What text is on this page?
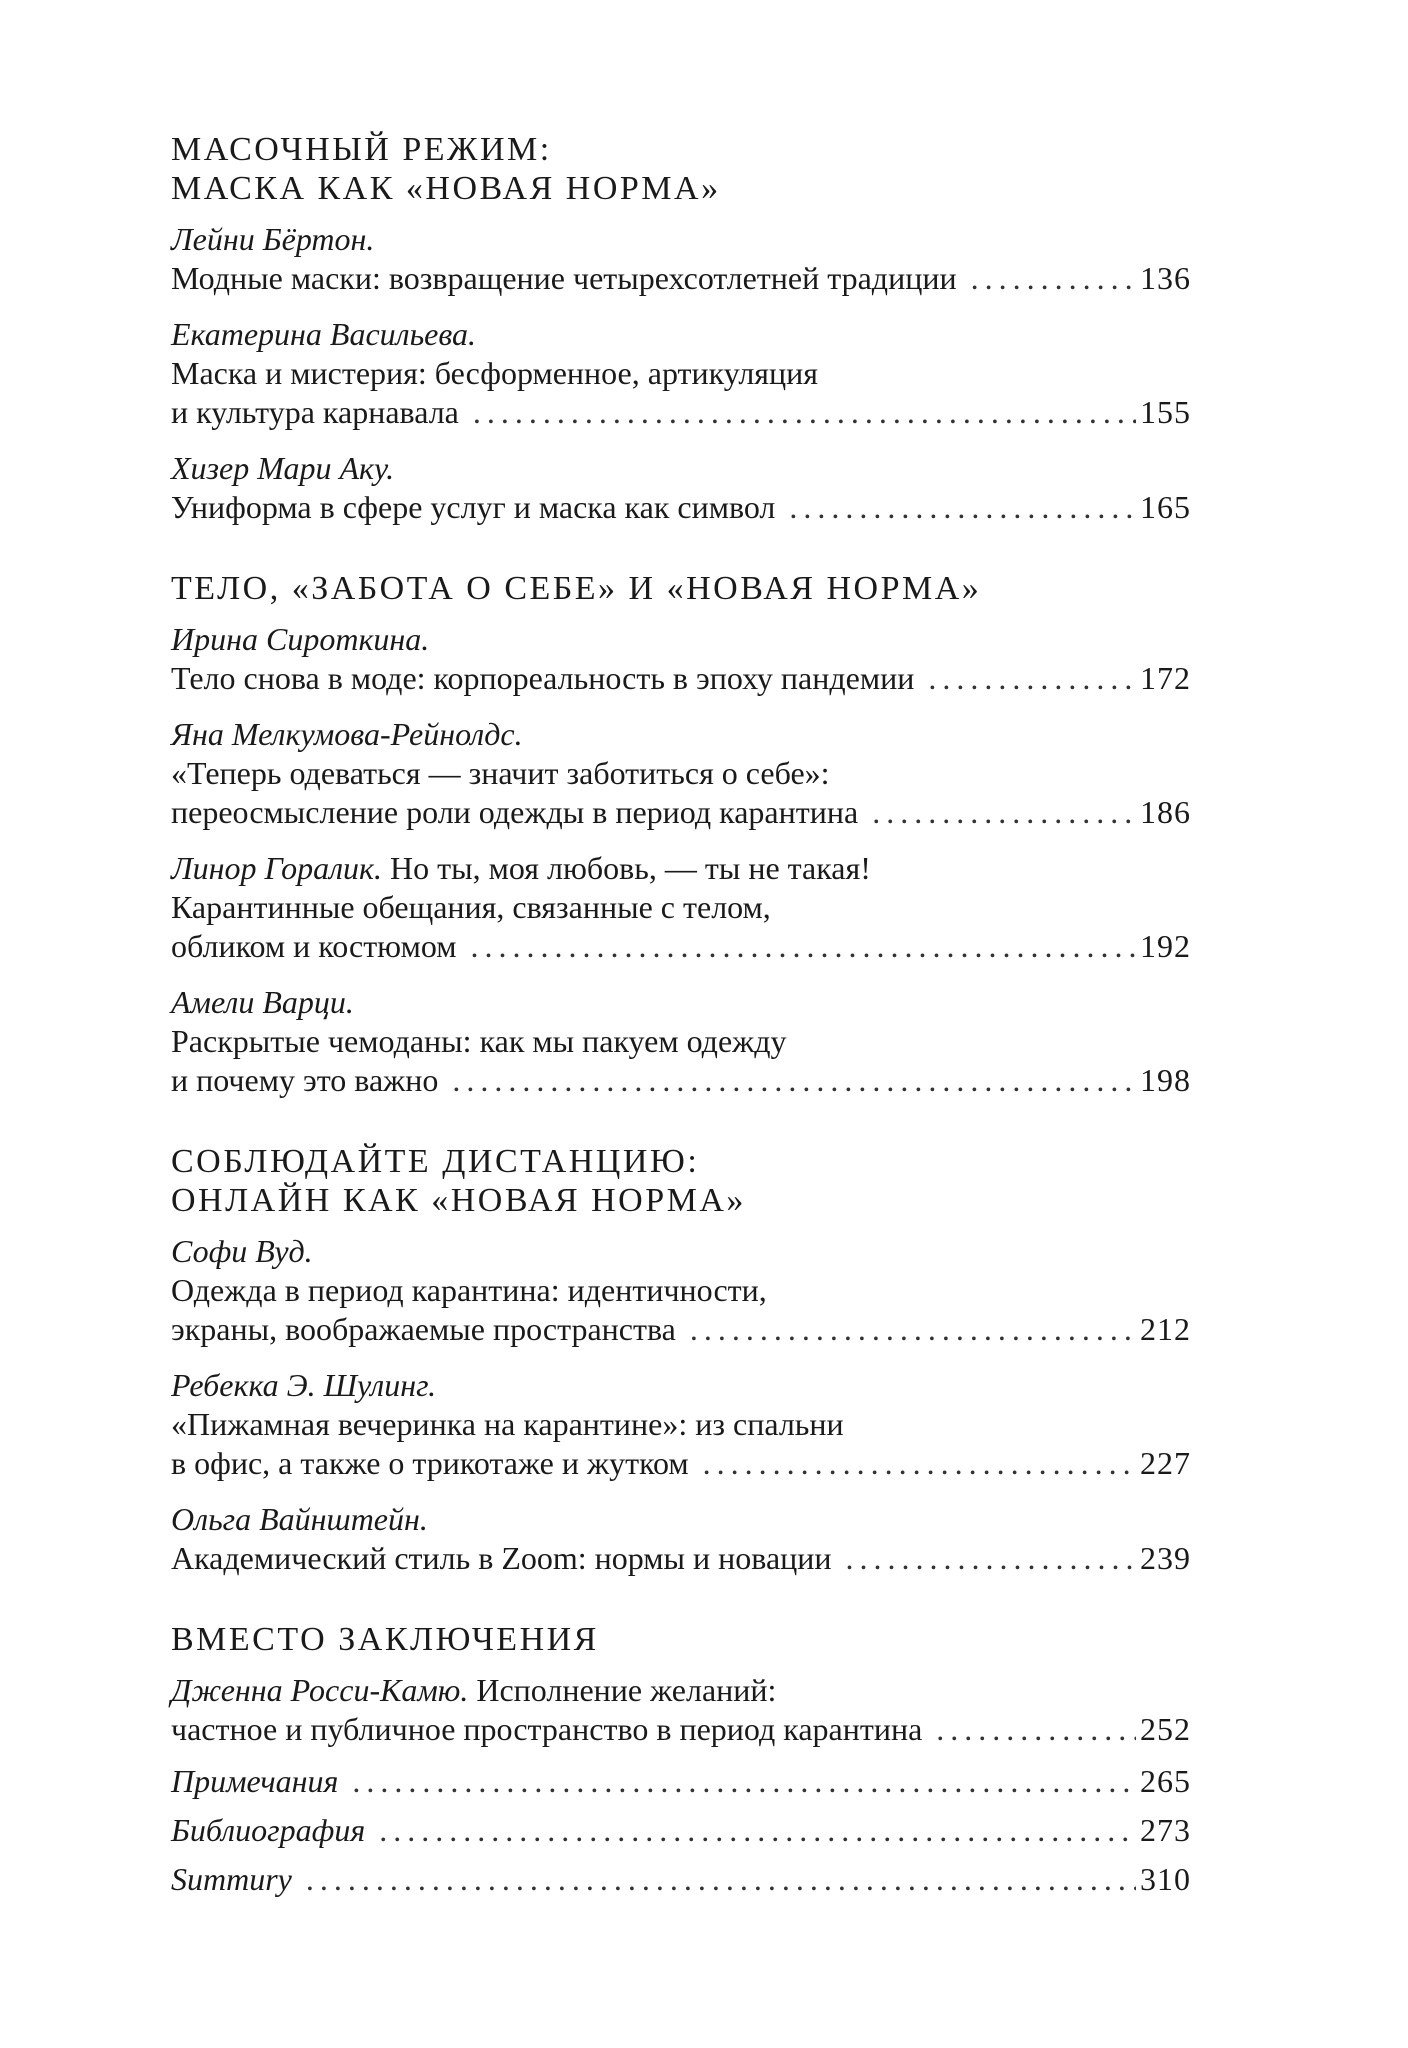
МАСОЧНЫЙ РЕЖИМ:
МАСКА КАК «НОВАЯ НОРМА»
Лейни Бёртон.
Модные маски: возвращение четырехсотлетней традиции .....	136
Екатерина Васильева.
Маска и мистерия: бесформенное, артикуляция
и культура карнавала .....	155
Хизер Мари Аку.
Униформа в сфере услуг и маска как символ .....	165
ТЕЛО, «ЗАБОТА О СЕБЕ» И «НОВАЯ НОРМА»
Ирина Сироткина.
Тело снова в моде: корпореальность в эпоху пандемии .....	172
Яна Мелкумова-Рейнолдс.
«Теперь одеваться — значит заботиться о себе»:
переосмысление роли одежды в период карантина .....	186
Линор Горалик. Но ты, моя любовь, — ты не такая!
Карантинные обещания, связанные с телом,
обликом и костюмом .....	192
Амели Варци.
Раскрытые чемоданы: как мы пакуем одежду
и почему это важно .....	198
СОБЛЮДАЙТЕ ДИСТАНЦИЮ:
ОНЛАЙН КАК «НОВАЯ НОРМА»
Софи Вуд.
Одежда в период карантина: идентичности,
экраны, воображаемые пространства .....	212
Ребекка Э. Шулинг.
«Пижамная вечеринка на карантине»: из спальни
в офис, а также о трикотаже и жутком .....	227
Ольга Вайнштейн.
Академический стиль в Zoom: нормы и новации .....	239
ВМЕСТО ЗАКЛЮЧЕНИЯ
Дженна Росси-Камю. Исполнение желаний:
частное и публичное пространство в период карантина .....	252
Примечания .....	265
Библиография .....	273
Summury .....	310
